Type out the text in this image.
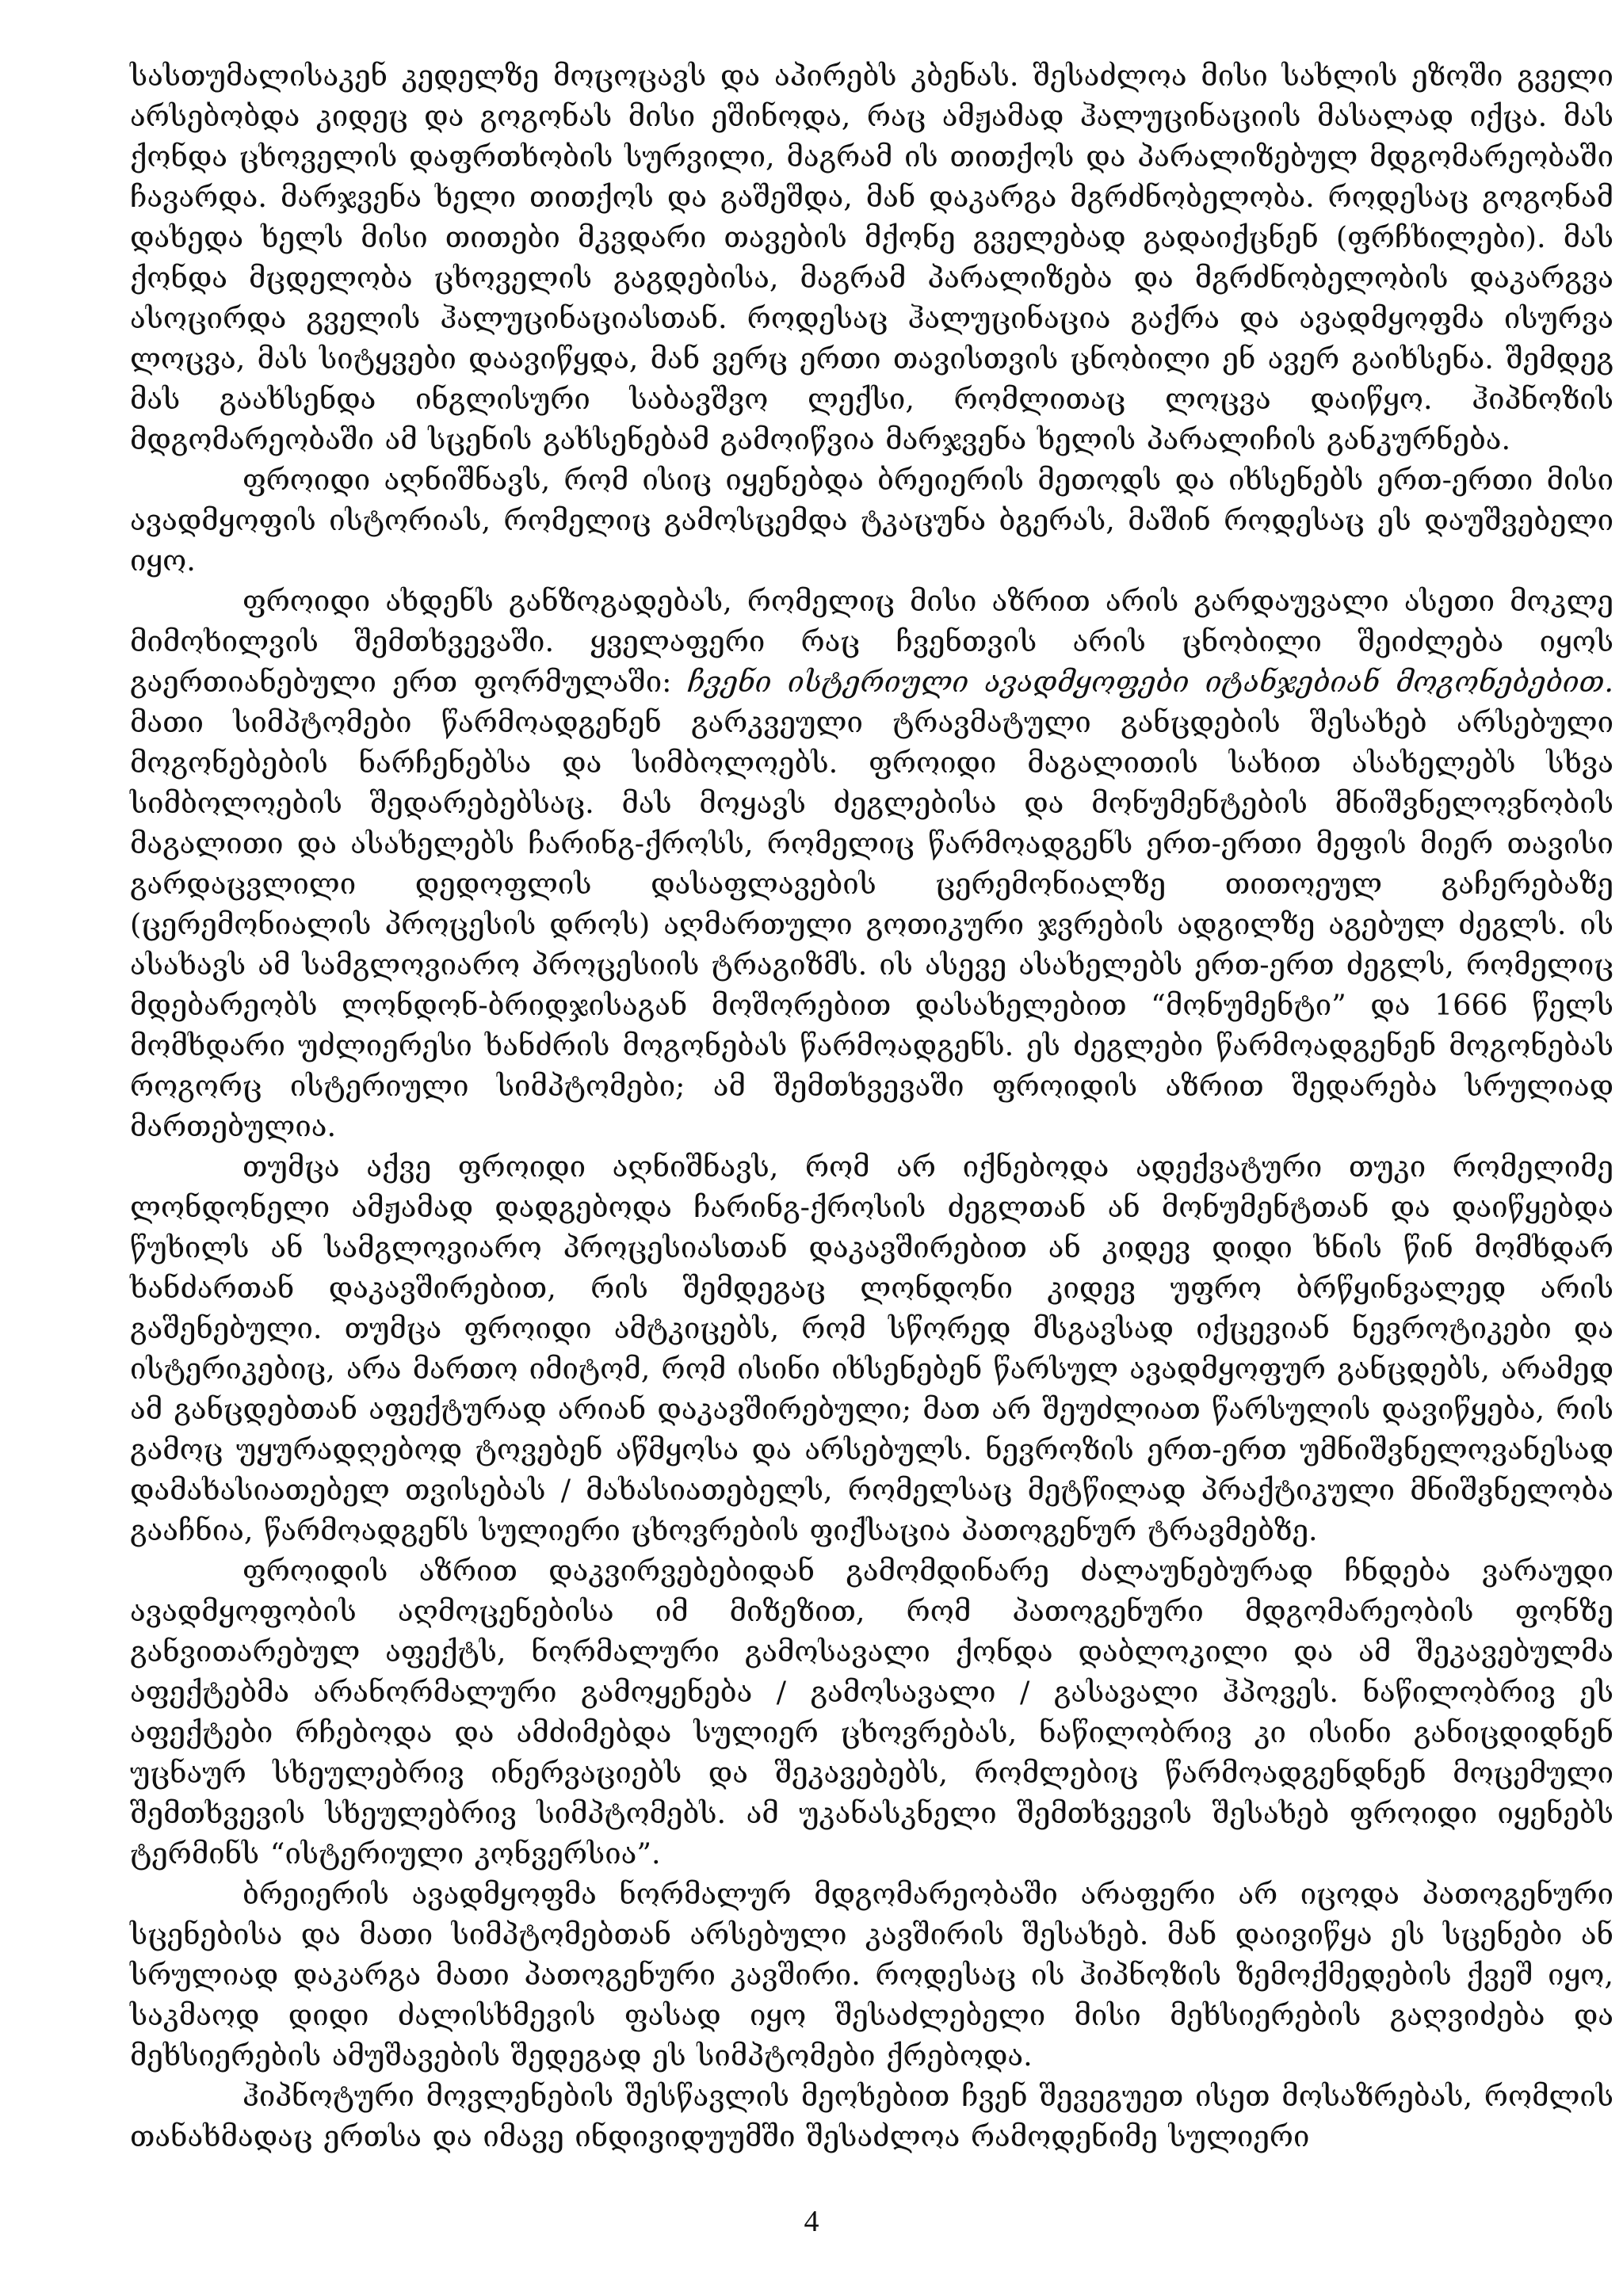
სასთუმალისაკენ კედელზე მოცოცავს და აპირებს კბენას. შესაძლოა მისი სახლის ეზოში გველი არსებობდა კიდეც და გოგონას მისი ეშინოდა, რაც ამჟამად ჰალუცინაციის მასალად იქცა. მას ქონდა ცხოველის დაფრთხობის სურვილი, მაგრამ ის თითქოს და პარალიზებულ მდგომარეობაში ჩავარდა. მარჯვენა ხელი თითქოს და გაშეშდა, მან დაკარგა მგრძნობელობა. როდესაც გოგონამ დახედა ხელს მისი თითები მკვდარი თავების მქონე გველებად გადაიქცნენ (ფრჩხილები). მას ქონდა მცდელობა ცხოველის გაგდებისა, მაგრამ პარალიზება და მგრძნობელობის დაკარგვა ასოცირდა გველის ჰალუცინაციასთან. როდესაც ჰალუცინაცია გაქრა და ავადმყოფმა ისურვა ლოცვა, მას სიტყვები დაავიწყდა, მან ვერც ერთი თავისთვის ცნობილი ენ ავერ გაიხსენა. შემდეგ მას გაახსენდა ინგლისური საბავშვო ლექსი, რომლითაც ლოცვა დაიწყო. ჰიპნოზის მდგომარეობაში ამ სცენის გახსენებამ გამოიწვია მარჯვენა ხელის პარალიჩის განკურნება.

ფროიდი აღნიშნავს, რომ ისიც იყენებდა ბრეიერის მეთოდს და იხსენებს ერთ-ერთი მისი ავადმყოფის ისტორიას, რომელიც გამოსცემდა ტკაცუნა ბგერას, მაშინ როდესაც ეს დაუშვებელი იყო.

ფროიდი ახდენს განზოგადებას, რომელიც მისი აზრით არის გარდაუვალი ასეთი მოკლე მიმოხილვის შემთხვევაში. ყველაფერი რაც ჩვენთვის არის ცნობილი შეიძლება იყოს გაერთიანებული ერთ ფორმულაში: ჩვენი ისტერიული ავადმყოფები იტანჯებიან მოგონებებით. მათი სიმპტომები წარმოადგენენ გარკვეული ტრავმატული განცდების შესახებ არსებული მოგონებების ნარჩენებსა და სიმბოლოებს. ფროიდი მაგალითის სახით ასახელებს სხვა სიმბოლოების შედარებებსაც. მას მოყავს ძეგლებისა და მონუმენტების მნიშვნელოვნობის მაგალითი და ასახელებს ჩარინგ-ქროსს, რომელიც წარმოადგენს ერთ-ერთი მეფის მიერ თავისი გარდაცვლილი დედოფლის დასაფლავების ცერემონიალზე თითოეულ გაჩერებაზე (ცერემონიალის პროცესის დროს) აღმართული გოთიკური ჯვრების ადგილზე აგებულ ძეგლს. ის ასახავს ამ სამგლოვიარო პროცესიის ტრაგიზმს. ის ასევე ასახელებს ერთ-ერთ ძეგლს, რომელიც მდებარეობს ლონდონ-ბრიდჯისაგან მოშორებით დასახელებით “მონუმენტი” და 1666 წელს მომხდარი უძლიერესი ხანძრის მოგონებას წარმოადგენს. ეს ძეგლები წარმოადგენენ მოგონებას როგორც ისტერიული სიმპტომები; ამ შემთხვევაში ფროიდის აზრით შედარება სრულიად მართებულია.

თუმცა აქვე ფროიდი აღნიშნავს, რომ არ იქნებოდა ადექვატური თუკი რომელიმე ლონდონელი ამჟამად დადგებოდა ჩარინგ-ქროსის ძეგლთან ან მონუმენტთან და დაიწყებდა წუხილს ან სამგლოვიარო პროცესიასთან დაკავშირებით ან კიდევ დიდი ხნის წინ მომხდარ ხანძართან დაკავშირებით, რის შემდეგაც ლონდონი კიდევ უფრო ბრწყინვალედ არის გაშენებული. თუმცა ფროიდი ამტკიცებს, რომ სწორედ მსგავსად იქცევიან ნევროტიკები და ისტერიკებიც, არა მართო იმიტომ, რომ ისინი იხსენებენ წარსულ ავადმყოფურ განცდებს, არამედ ამ განცდებთან აფექტურად არიან დაკავშირებული; მათ არ შეუძლიათ წარსულის დავიწყება, რის გამოც უყურადღებოდ ტოვებენ აწმყოსა და არსებულს. ნევროზის ერთ-ერთ უმნიშვნელოვანესად დამახასიათებელ თვისებას / მახასიათებელს, რომელსაც მეტწილად პრაქტიკული მნიშვნელობა გააჩნია, წარმოადგენს სულიერი ცხოვრების ფიქსაცია პათოგენურ ტრავმებზე.

ფროიდის აზრით დაკვირვებებიდან გამომდინარე ძალაუნებურად ჩნდება ვარაუდი ავადმყოფობის აღმოცენებისა იმ მიზეზით, რომ პათოგენური მდგომარეობის ფონზე განვითარებულ აფექტს, ნორმალური გამოსავალი ქონდა დაბლოკილი და ამ შეკავებულმა აფექტებმა არანორმალური გამოყენება / გამოსავალი / გასავალი ჰპოვეს. ნაწილობრივ ეს აფექტები რჩებოდა და ამძიმებდა სულიერ ცხოვრებას, ნაწილობრივ კი ისინი განიცდიდნენ უცნაურ სხეულებრივ ინერვაციებს და შეკავებებს, რომლებიც წარმოადგენდნენ მოცემული შემთხვევის სხეულებრივ სიმპტომებს. ამ უკანასკნელი შემთხვევის შესახებ ფროიდი იყენებს ტერმინს “ისტერიული კონვერსია”.

ბრეიერის ავადმყოფმა ნორმალურ მდგომარეობაში არაფერი არ იცოდა პათოგენური სცენებისა და მათი სიმპტომებთან არსებული კავშირის შესახებ. მან დაივიწყა ეს სცენები ან სრულიად დაკარგა მათი პათოგენური კავშირი. როდესაც ის ჰიპნოზის ზემოქმედების ქვეშ იყო, საკმაოდ დიდი ძალისხმევის ფასად იყო შესაძლებელი მისი მეხსიერების გაღვიძება და მეხსიერების ამუშავების შედეგად ეს სიმპტომები ქრებოდა.

ჰიპნოტური მოვლენების შესწავლის მეოხებით ჩვენ შევეგუეთ ისეთ მოსაზრებას, რომლის თანახმადაც ერთსა და იმავე ინდივიდუუმში შესაძლოა რამოდენიმე სულიერი

4
